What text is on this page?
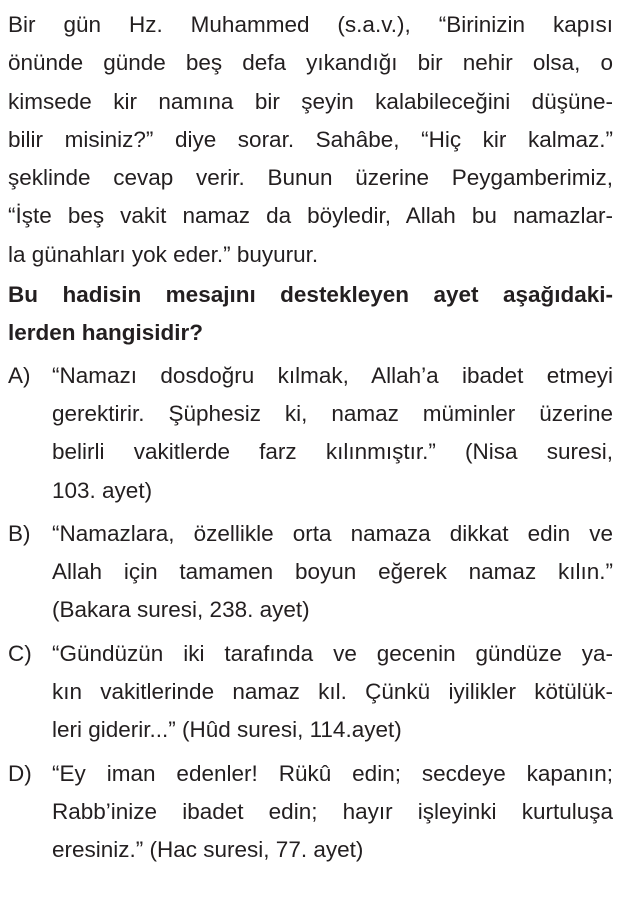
Bir gün Hz. Muhammed (s.a.v.), “Birinizin kapısı
önünde günde beş defa yıkandığı bir nehir olsa, o
kimsede kir namına bir şeyin kalabileceğini düşüne-
bilir misiniz?” diye sorar. Sahâbe, “Hiç kir kalmaz.”
şeklinde cevap verir. Bunun üzerine Peygamberimiz,
“İşte beş vakit namaz da böyledir, Allah bu namazlar-
la günahları yok eder.” buyurur.
Bu hadisin mesajını destekleyen ayet aşağıdaki-
lerden hangisidir?
A) “Namazı dosdoğru kılmak, Allah’a ibadet etmeyi
gerektirir. Şüphesiz ki, namaz müminler üzerine
belirli vakitlerde farz kılınmıştır.” (Nisa suresi,
103. ayet)
B) “Namazlara, özellikle orta namaza dikkat edin ve
Allah için tamamen boyun eğerek namaz kılın.”
(Bakara suresi, 238. ayet)
C) “Gündüzün iki tarafında ve gecenin gündüze ya-
kın vakitlerinde namaz kıl. Çünkü iyilikler kötülük-
leri giderir...” (Hûd suresi, 114.ayet)
D) “Ey iman edenler! Rükû edin; secdeye kapanın;
Rabb’inize ibadet edin; hayır işleyinki kurtuluşa
eresiniz.” (Hac suresi, 77. ayet)
